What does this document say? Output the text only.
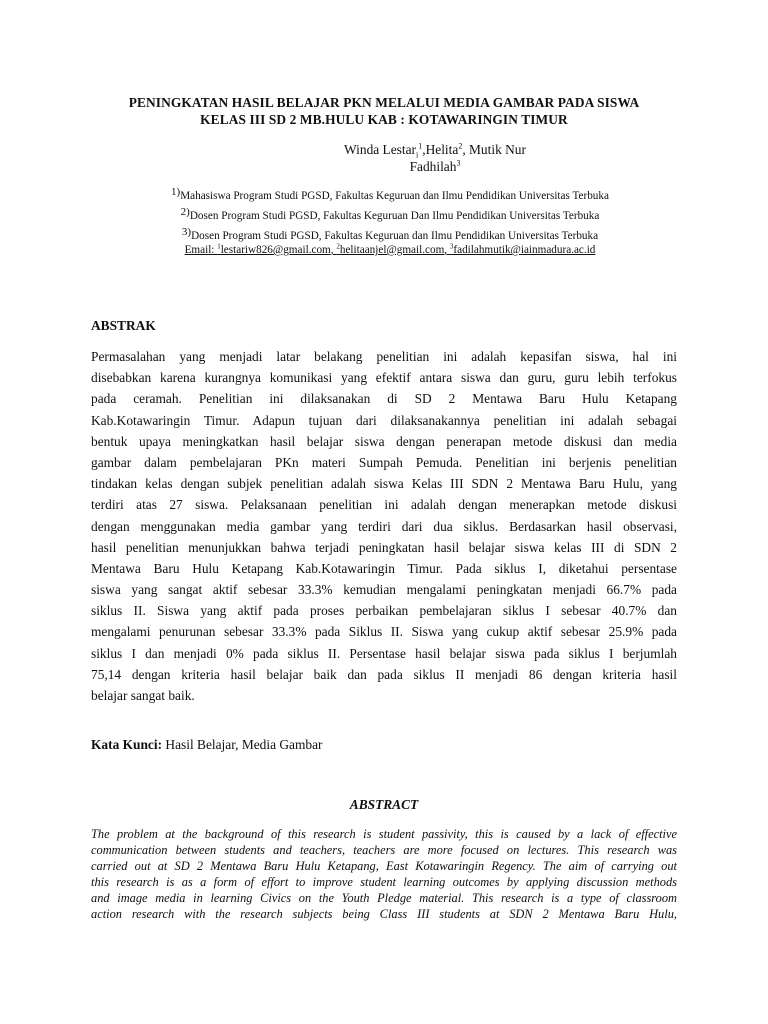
PENINGKATAN HASIL BELAJAR PKN MELALUI MEDIA GAMBAR PADA SISWA
KELAS III SD 2 MB.HULU KAB : KOTAWARINGIN TIMUR
Winda Lestar$_i^1$,Helita$^2$, Mutik Nur
Fadhilah$^3$
1)Mahasiswa Program Studi PGSD, Fakultas Keguruan dan Ilmu Pendidikan Universitas Terbuka
2)Dosen Program Studi PGSD, Fakultas Keguruan Dan Ilmu Pendidikan Universitas Terbuka
3)Dosen Program Studi PGSD, Fakultas Keguruan dan Ilmu Pendidikan Universitas Terbuka
Email: $^1$lestariw826@gmail.com, $^2$helitaanjel@gmail.com, $^3$fadilahmutik@iainmadura.ac.id
ABSTRAK
Permasalahan yang menjadi latar belakang penelitian ini adalah kepasifan siswa, hal ini
disebabkan karena kurangnya komunikasi yang efektif antara siswa dan guru, guru lebih terfokus
pada ceramah. Penelitian ini dilaksanakan di SD 2 Mentawa Baru Hulu Ketapang
Kab.Kotawaringin Timur. Adapun tujuan dari dilaksanakannya penelitian ini adalah sebagai
bentuk upaya meningkatkan hasil belajar siswa dengan penerapan metode diskusi dan media
gambar dalam pembelajaran PKn materi Sumpah Pemuda. Penelitian ini berjenis penelitian
tindakan kelas dengan subjek penelitian adalah siswa Kelas III SDN 2 Mentawa Baru Hulu, yang
terdiri atas 27 siswa. Pelaksanaan penelitian ini adalah dengan menerapkan metode diskusi
dengan menggunakan media gambar yang terdiri dari dua siklus. Berdasarkan hasil observasi,
hasil penelitian menunjukkan bahwa terjadi peningkatan hasil belajar siswa kelas III di SDN 2
Mentawa Baru Hulu Ketapang Kab.Kotawaringin Timur. Pada siklus I, diketahui persentase
siswa yang sangat aktif sebesar 33.3% kemudian mengalami peningkatan menjadi 66.7% pada
siklus II. Siswa yang aktif pada proses perbaikan pembelajaran siklus I sebesar 40.7% dan
mengalami penurunan sebesar 33.3% pada Siklus II. Siswa yang cukup aktif sebesar 25.9% pada
siklus I dan menjadi 0% pada siklus II. Persentase hasil belajar siswa pada siklus I berjumlah
75,14 dengan kriteria hasil belajar baik dan pada siklus II menjadi 86 dengan kriteria hasil
belajar sangat baik.
Kata Kunci: Hasil Belajar, Media Gambar
ABSTRACT
The problem at the background of this research is student passivity, this is caused by a lack of effective
communication between students and teachers, teachers are more focused on lectures. This research was
carried out at SD 2 Mentawa Baru Hulu Ketapang, East Kotawaringin Regency. The aim of carrying out
this research is as a form of effort to improve student learning outcomes by applying discussion methods
and image media in learning Civics on the Youth Pledge material. This research is a type of classroom
action research with the research subjects being Class III students at SDN 2 Mentawa Baru Hulu,
